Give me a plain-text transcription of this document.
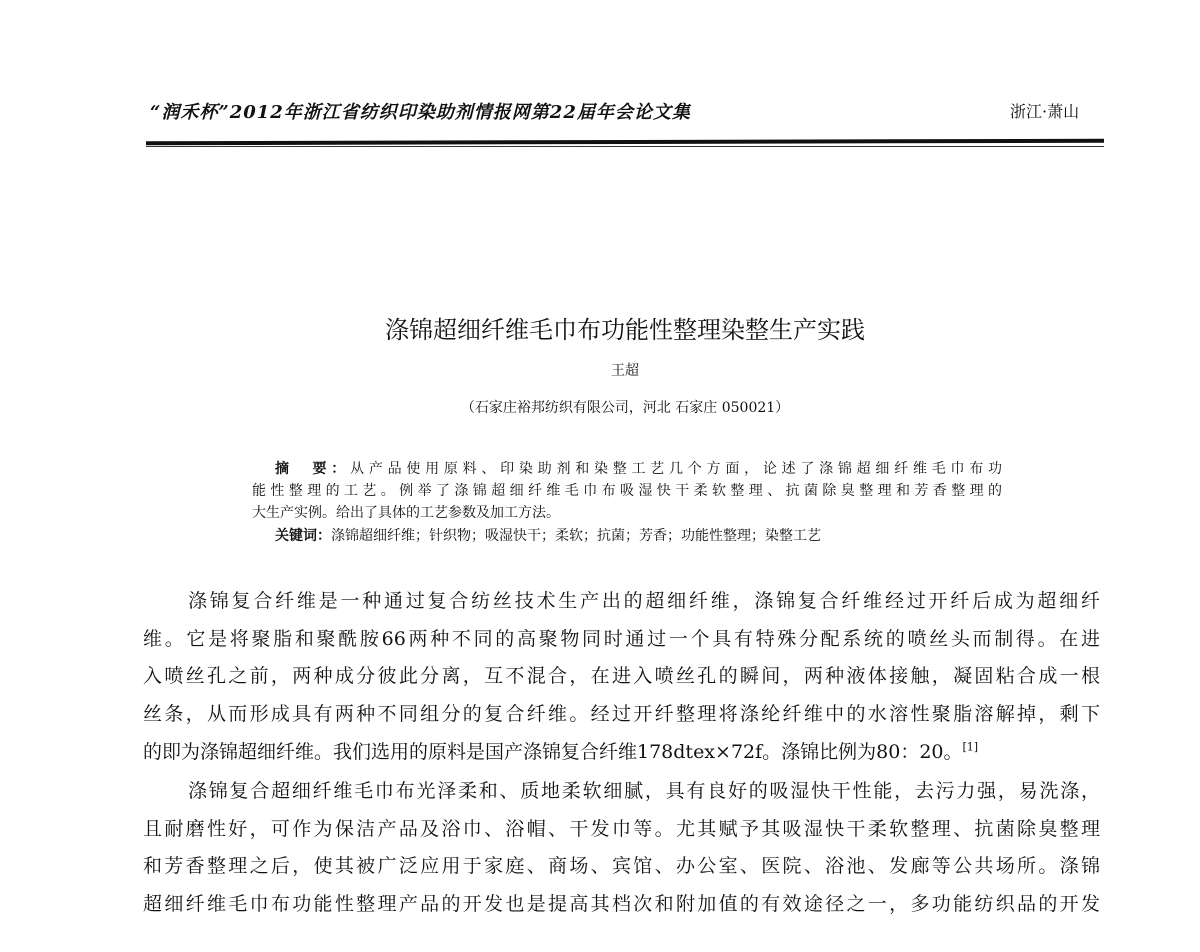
“润禾杯”2012年浙江省纺织印染助剂情报网第22届年会论文集	浙江·萧山
涤锦超细纤维毛巾布功能性整理染整生产实践
王超
（石家庄裕邦纺织有限公司，河北 石家庄 050021）
摘　要：从产品使用原料、印染助剂和染整工艺几个方面，论述了涤锦超细纤维毛巾布功
能性整理的工艺。例举了涤锦超细纤维毛巾布吸湿快干柔软整理、抗菌除臭整理和芳香整理的
大生产实例。给出了具体的工艺参数及加工方法。
关键词：涤锦超细纤维；针织物；吸湿快干；柔软；抗菌；芳香；功能性整理；染整工艺
涤锦复合纤维是一种通过复合纺丝技术生产出的超细纤维，涤锦复合纤维经过开纤后成为超细纤
维。它是将聚脂和聚酰胺66两种不同的高聚物同时通过一个具有特殊分配系统的喷丝头而制得。在进
入喷丝孔之前，两种成分彼此分离，互不混合，在进入喷丝孔的瞬间，两种液体接触，凝固粘合成一根
丝条，从而形成具有两种不同组分的复合纤维。经过开纤整理将涤纶纤维中的水溶性聚脂溶解掉，剩下
的即为涤锦超细纤维。我们选用的原料是国产涤锦复合纤维178dtex×72f。涤锦比例为80：20。[1]
涤锦复合超细纤维毛巾布光泽柔和、质地柔软细腻，具有良好的吸湿快干性能，去污力强，易洗涤，
且耐磨性好，可作为保洁产品及浴巾、浴帽、干发巾等。尤其赋予其吸湿快干柔软整理、抗菌除臭整理
和芳香整理之后，使其被广泛应用于家庭、商场、宾馆、办公室、医院、浴池、发廊等公共场所。涤锦
超细纤维毛巾布功能性整理产品的开发也是提高其档次和附加值的有效途径之一，多功能纺织品的开发
